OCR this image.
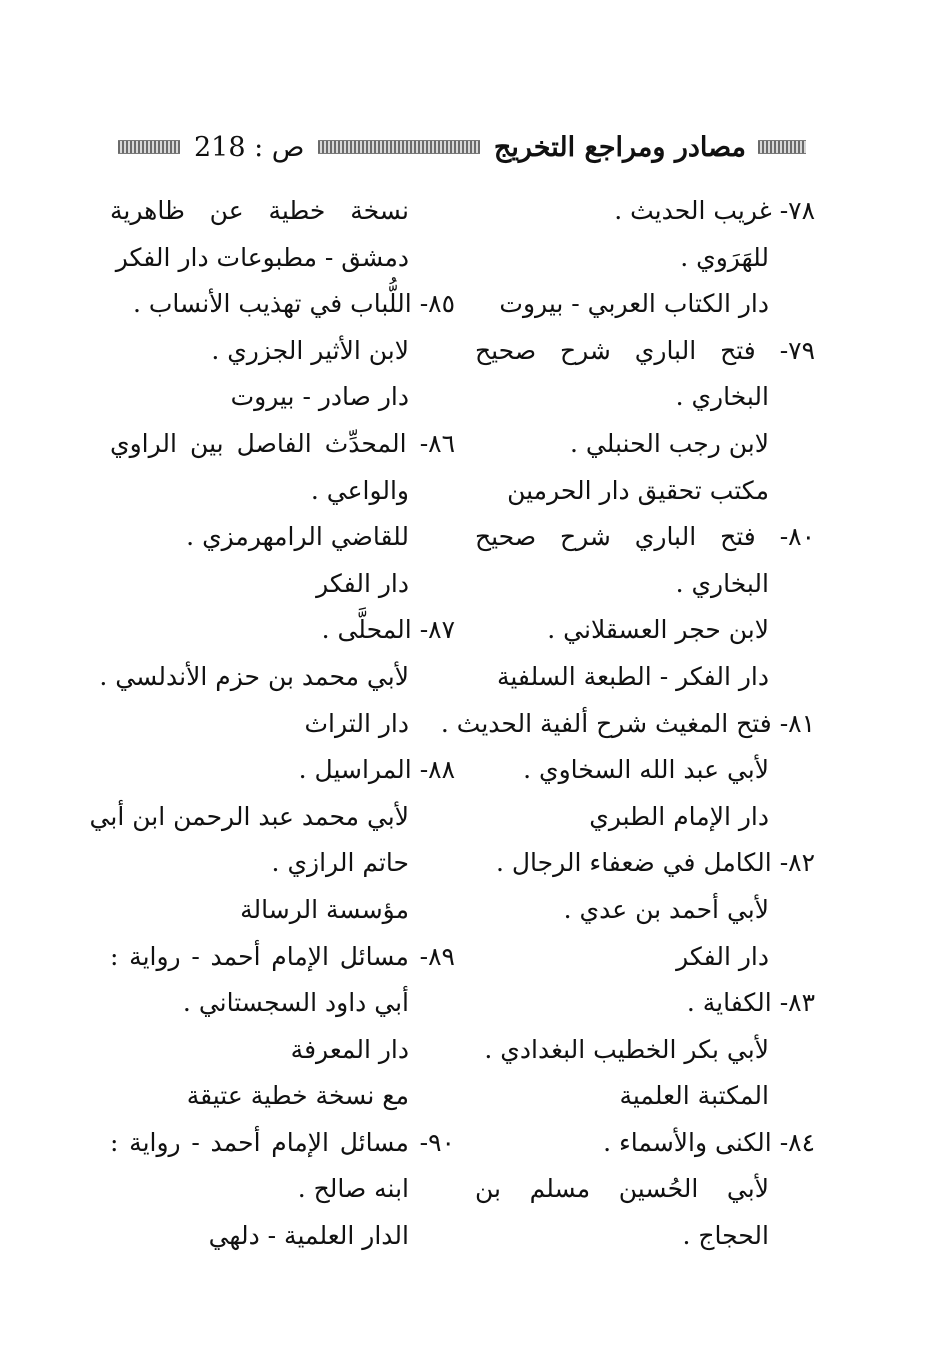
مصادر ومراجع التخريج
ص : 218
٧٨- غريب الحديث .
للهَرَوي .
دار الكتاب العربي - بيروت
٧٩- فتح الباري شرح صحيح
البخاري .
لابن رجب الحنبلي .
مكتب تحقيق دار الحرمين
٨٠- فتح الباري شرح صحيح
البخاري .
لابن حجر العسقلاني .
دار الفكر - الطبعة السلفية
٨١- فتح المغيث شرح ألفية الحديث .
لأبي عبد الله السخاوي .
دار الإمام الطبري
٨٢- الكامل في ضعفاء الرجال .
لأبي أحمد بن عدي .
دار الفكر
٨٣- الكفاية .
لأبي بكر الخطيب البغدادي .
المكتبة العلمية
٨٤- الكنى والأسماء .
لأبي الحُسين مسلم بن
الحجاج .
نسخة خطية عن ظاهرية
دمشق - مطبوعات دار الفكر
٨٥- اللُّباب في تهذيب الأنساب .
لابن الأثير الجزري .
دار صادر - بيروت
٨٦- المحدِّث الفاصل بين الراوي
والواعي .
للقاضي الرامهرمزي .
دار الفكر
٨٧- المحلَّى .
لأبي محمد بن حزم الأندلسي .
دار التراث
٨٨- المراسيل .
لأبي محمد عبد الرحمن ابن أبي
حاتم الرازي .
مؤسسة الرسالة
٨٩- مسائل الإمام أحمد - رواية :
أبي داود السجستاني .
دار المعرفة
مع نسخة خطية عتيقة
٩٠- مسائل الإمام أحمد - رواية :
ابنه صالح .
الدار العلمية - دلهي
